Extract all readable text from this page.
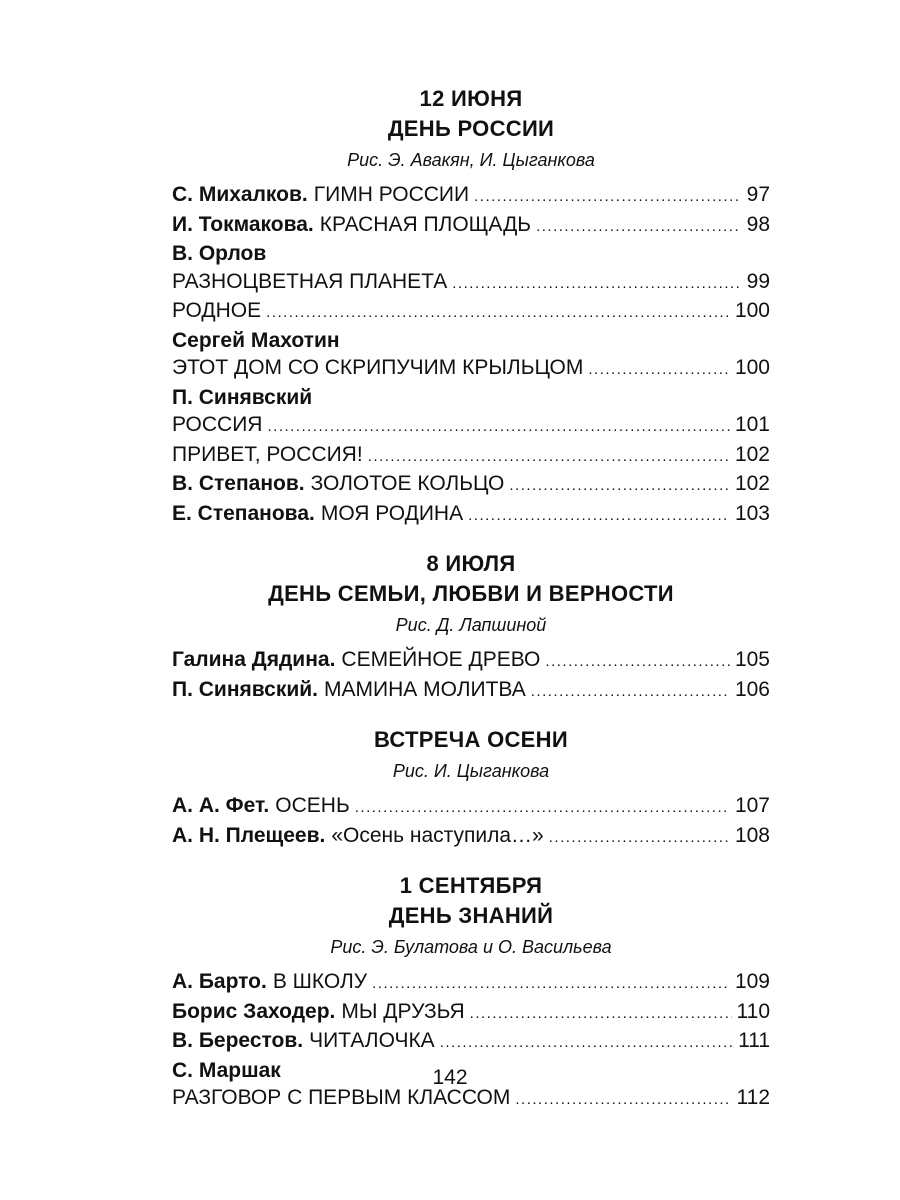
12 ИЮНЯ
ДЕНЬ РОССИИ
Рис. Э. Авакян, И. Цыганкова
С. Михалков. ГИМН РОССИИ .....	97
И. Токмакова. КРАСНАЯ ПЛОЩАДЬ .....	98
В. Орлов
РАЗНОЦВЕТНАЯ ПЛАНЕТА .....	99
РОДНОЕ .....	100
Сергей Махотин
ЭТОТ ДОМ СО СКРИПУЧИМ КРЫЛЬЦОМ .....	100
П. Синявский
РОССИЯ .....	101
ПРИВЕТ, РОССИЯ! .....	102
В. Степанов. ЗОЛОТОЕ КОЛЬЦО .....	102
Е. Степанова. МОЯ РОДИНА .....	103
8 ИЮЛЯ
ДЕНЬ СЕМЬИ, ЛЮБВИ И ВЕРНОСТИ
Рис. Д. Лапшиной
Галина Дядина. СЕМЕЙНОЕ ДРЕВО .....	105
П. Синявский. МАМИНА МОЛИТВА .....	106
ВСТРЕЧА ОСЕНИ
Рис. И. Цыганкова
А. А. Фет. ОСЕНЬ .....	107
А. Н. Плещеев. «Осень наступила…» .....	108
1 СЕНТЯБРЯ
ДЕНЬ ЗНАНИЙ
Рис. Э. Булатова и О. Васильева
А. Барто. В ШКОЛУ .....	109
Борис Заходер. МЫ ДРУЗЬЯ .....	110
В. Берестов. ЧИТАЛОЧКА .....	111
С. Маршак
РАЗГОВОР С ПЕРВЫМ КЛАССОМ .....	112
142
